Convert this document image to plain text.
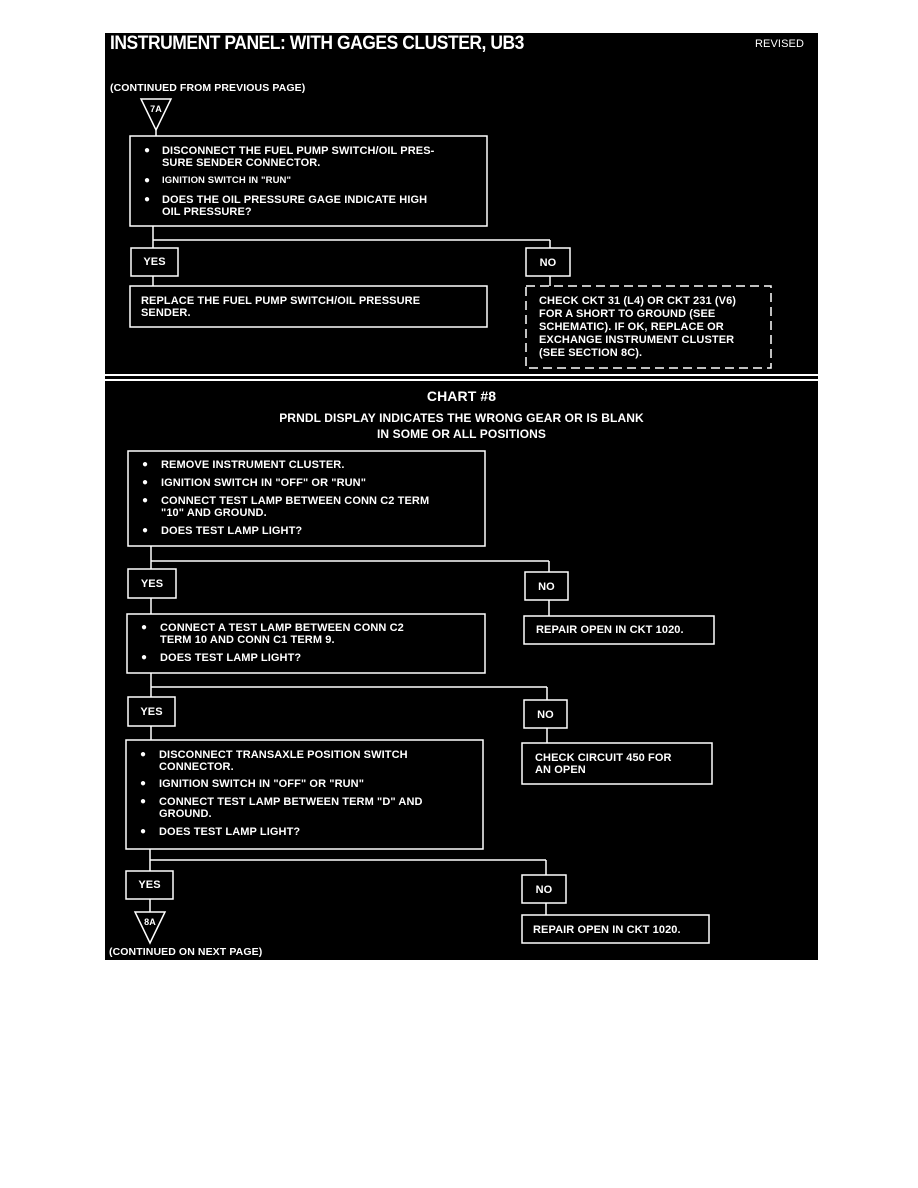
INSTRUMENT PANEL: WITH GAGES CLUSTER, UB3	REVISED
(CONTINUED FROM PREVIOUS PAGE)
7A
● DISCONNECT THE FUEL PUMP SWITCH/OIL PRES-
SURE SENDER CONNECTOR.
● IGNITION SWITCH IN "RUN"
● DOES THE OIL PRESSURE GAGE INDICATE HIGH
OIL PRESSURE?
YES	NO
REPLACE THE FUEL PUMP SWITCH/OIL PRESSURE
SENDER.
CHECK CKT 31 (L4) OR CKT 231 (V6)
FOR A SHORT TO GROUND (SEE
SCHEMATIC). IF OK, REPLACE OR
EXCHANGE INSTRUMENT CLUSTER
(SEE SECTION 8C).
CHART #8
PRNDL DISPLAY INDICATES THE WRONG GEAR OR IS BLANK
IN SOME OR ALL POSITIONS
● REMOVE INSTRUMENT CLUSTER.
● IGNITION SWITCH IN "OFF" OR "RUN"
● CONNECT TEST LAMP BETWEEN CONN C2 TERM
"10" AND GROUND.
● DOES TEST LAMP LIGHT?
YES	NO
● CONNECT A TEST LAMP BETWEEN CONN C2
TERM 10 AND CONN C1 TERM 9.
● DOES TEST LAMP LIGHT?
REPAIR OPEN IN CKT 1020.
YES	NO
● DISCONNECT TRANSAXLE POSITION SWITCH
CONNECTOR.
● IGNITION SWITCH IN "OFF" OR "RUN"
● CONNECT TEST LAMP BETWEEN TERM "D" AND
GROUND.
● DOES TEST LAMP LIGHT?
CHECK CIRCUIT 450 FOR
AN OPEN
YES	NO
8A
REPAIR OPEN IN CKT 1020.
(CONTINUED ON NEXT PAGE)
